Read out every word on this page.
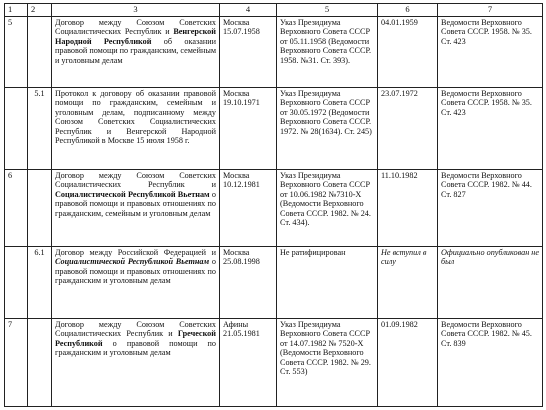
1	2	3	4	5	6	7
5		Договор между Союзом Советских Социалистических Республик и Венгерской Народной Республикой об оказании правовой помощи по гражданским, семейным и уголовным делам	Москва 15.07.1958	Указ Президиума Верховного Совета СССР от 05.11.1958 (Ведомости Верховного Совета СССР. 1958. №31. Ст. 393).	04.01.1959	Ведомости Верховного Совета СССР. 1958. № 35. Ст. 423
	5.1	Протокол к договору об оказании правовой помощи по гражданским, семейным и уголовным делам, подписанному между Союзом Советских Социалистических Республик и Венгерской Народной Республикой в Москве 15 июля 1958 г.	Москва 19.10.1971	Указ Президиума Верховного Совета СССР от 30.05.1972 (Ведомости Верховного Совета СССР. 1972. № 28(1634). Ст. 245)	23.07.1972	Ведомости Верховного Совета СССР. 1958. № 35. Ст. 423
6		Договор между Союзом Советских Социалистических Республик и Социалистической Республикой Вьетнам о правовой помощи и правовых отношениях по гражданским, семейным и уголовным делам	Москва 10.12.1981	Указ Президиума Верховного Совета СССР от 10.06.1982 №7310-X (Ведомости Верховного Совета СССР. 1982. № 24. Ст. 434).	11.10.1982	Ведомости Верховного Совета СССР. 1982. № 44. Ст. 827
	6.1	Договор между Российской Федерацией и Социалистической Республикой Вьетнам о правовой помощи и правовых отношениях по гражданским и уголовным делам	Москва 25.08.1998	Не ратифицирован	Не вступил в силу	Официально опубликован не был
7		Договор между Союзом Советских Социалистических Республик и Греческой Республикой о правовой помощи по гражданским и уголовным делам	Афины 21.05.1981	Указ Президиума Верховного Совета СССР от 14.07.1982 № 7520-X (Ведомости Верховного Совета СССР. 1982. № 29. Ст. 553)	01.09.1982	Ведомости Верховного Совета СССР. 1982. № 45. Ст. 839
